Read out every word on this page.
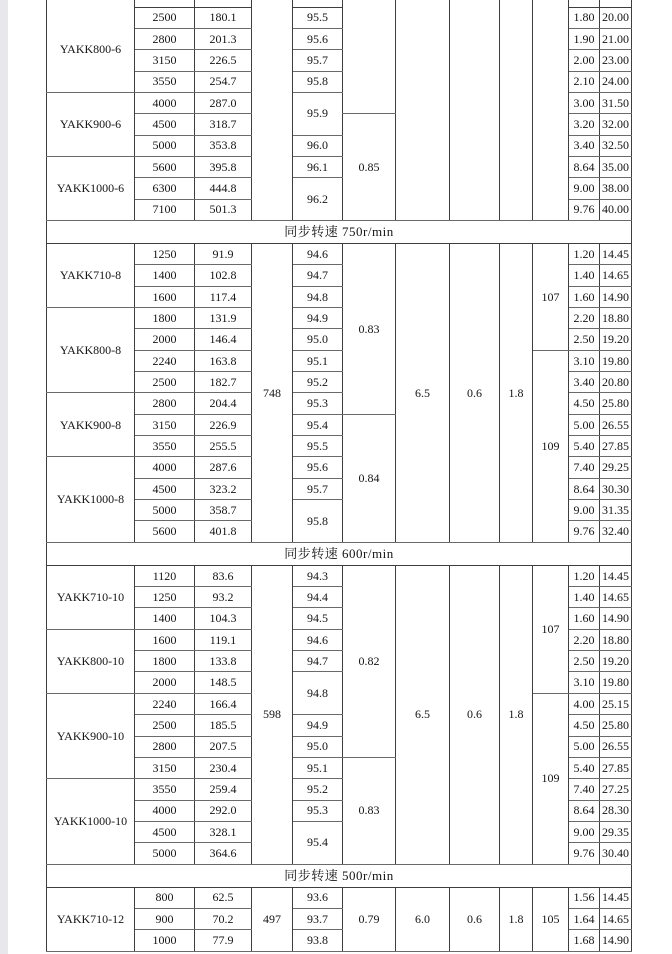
YAKK800-6	2500	180.1		95.5						1.80	20.00
	2800	201.3		95.6						1.90	21.00
	3150	226.5		95.7						2.00	23.00
	3550	254.7		95.8						2.10	24.00
YAKK900-6	4000	287.0		95.9						3.00	31.50
	4500	318.7			0.85					3.20	32.00
	5000	353.8		96.0						3.40	32.50
YAKK1000-6	5600	395.8		96.1						8.64	35.00
	6300	444.8		96.2						9.00	38.00
	7100	501.3								9.76	40.00
同步转速 750r/min											
YAKK710-8	1250	91.9	748	94.6	0.83	6.5	0.6	1.8	107	1.20	14.45
	1400	102.8		94.7						1.40	14.65
	1600	117.4		94.8						1.60	14.90
YAKK800-8	1800	131.9		94.9						2.20	18.80
	2000	146.4		95.0						2.50	19.20
	2240	163.8		95.1					109	3.10	19.80
	2500	182.7		95.2						3.40	20.80
YAKK900-8	2800	204.4		95.3						4.50	25.80
	3150	226.9		95.4	0.84					5.00	26.55
	3550	255.5		95.5						5.40	27.85
YAKK1000-8	4000	287.6		95.6						7.40	29.25
	4500	323.2		95.7						8.64	30.30
	5000	358.7		95.8						9.00	31.35
	5600	401.8								9.76	32.40
同步转速 600r/min											
YAKK710-10	1120	83.6	598	94.3	0.82	6.5	0.6	1.8	107	1.20	14.45
	1250	93.2		94.4						1.40	14.65
	1400	104.3		94.5						1.60	14.90
YAKK800-10	1600	119.1		94.6						2.20	18.80
	1800	133.8		94.7						2.50	19.20
	2000	148.5		94.8						3.10	19.80
YAKK900-10	2240	166.4							109	4.00	25.15
	2500	185.5		94.9						4.50	25.80
	2800	207.5		95.0						5.00	26.55
	3150	230.4		95.1	0.83					5.40	27.85
YAKK1000-10	3550	259.4		95.2						7.40	27.25
	4000	292.0		95.3						8.64	28.30
	4500	328.1		95.4						9.00	29.35
	5000	364.6								9.76	30.40
同步转速 500r/min											
YAKK710-12	800	62.5	497	93.6	0.79	6.0	0.6	1.8	105	1.56	14.45
	900	70.2		93.7						1.64	14.65
	1000	77.9		93.8						1.68	14.90
